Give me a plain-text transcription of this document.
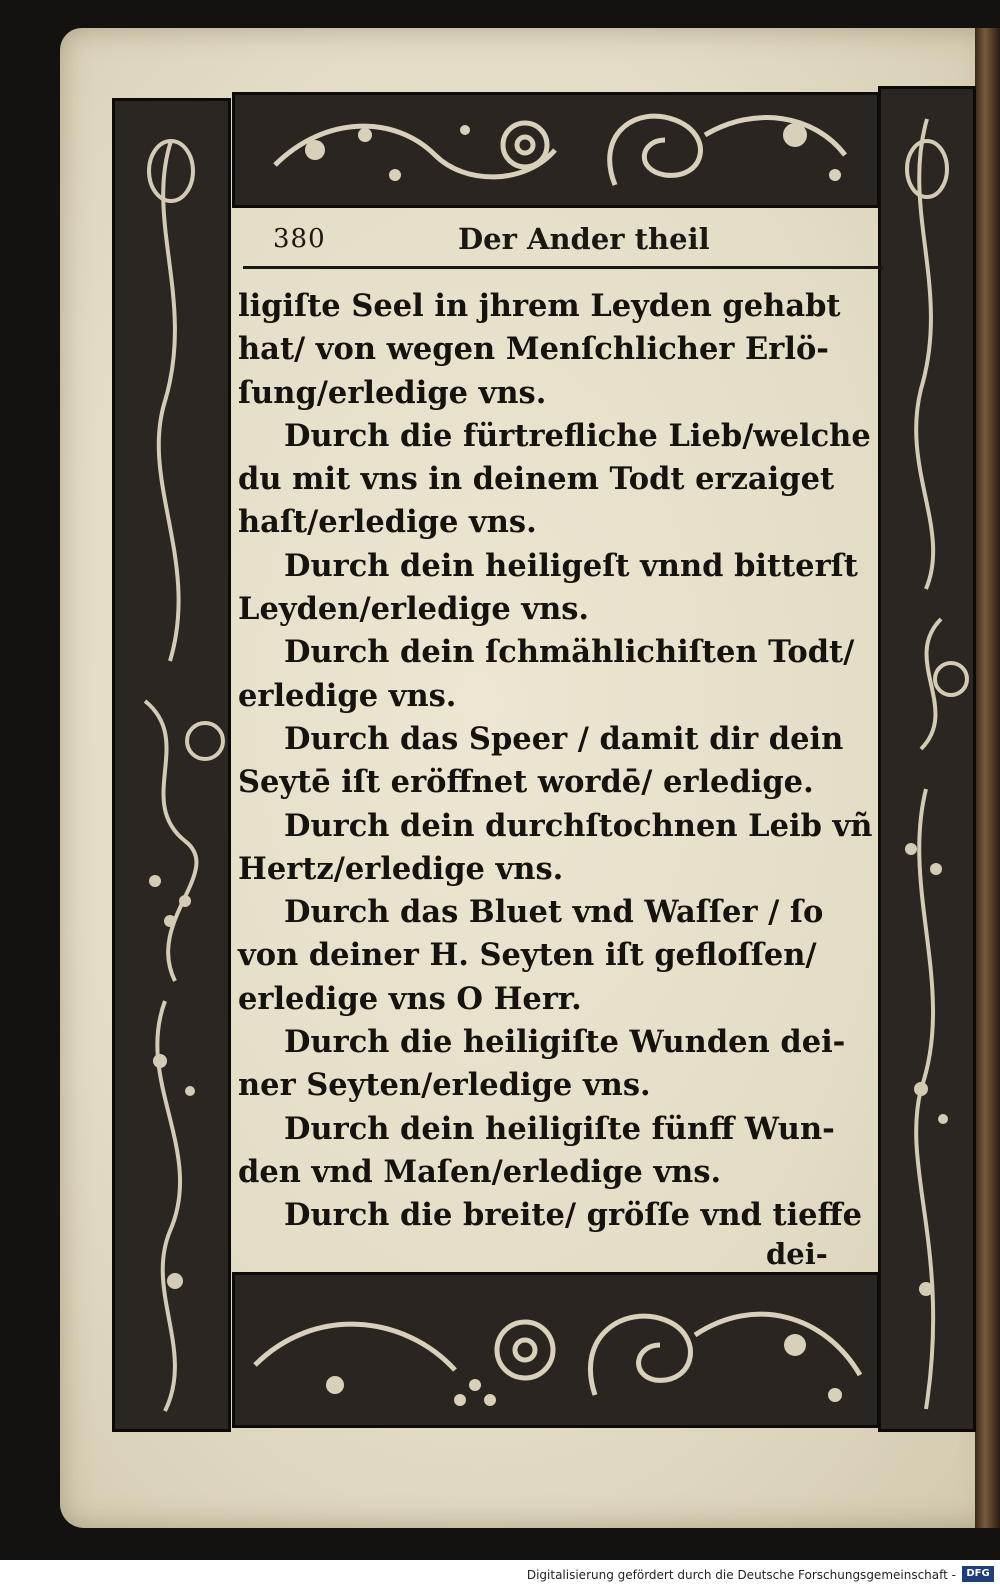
380	Der Ander theil
ligiſte Seel in jhrem Leyden gehabt
hat/ von wegen Menſchlicher Erlö-
ſung/erledige vns.
Durch die fürtrefliche Lieb/welche
du mit vns in deinem Todt erzaiget
haſt/erledige vns.
Durch dein heiligeſt vnnd bitterſt
Leyden/erledige vns.
Durch dein ſchmählichiſten Todt/
erledige vns.
Durch das Speer / damit dir dein
Seytē iſt eröffnet wordē/ erledige.
Durch dein durchſtochnen Leib vñ
Hertz/erledige vns.
Durch das Bluet vnd Waſſer / ſo
von deiner H. Seyten iſt gefloſſen/
erledige vns O Herr.
Durch die heiligiſte Wunden dei-
ner Seyten/erledige vns.
Durch dein heiligiſte fünff Wun-
den vnd Maſen/erledige vns.
Durch die breite/ gröſſe vnd tieffe
dei-
Digitalisierung gefördert durch die Deutsche Forschungsgemeinschaft -	DFG
